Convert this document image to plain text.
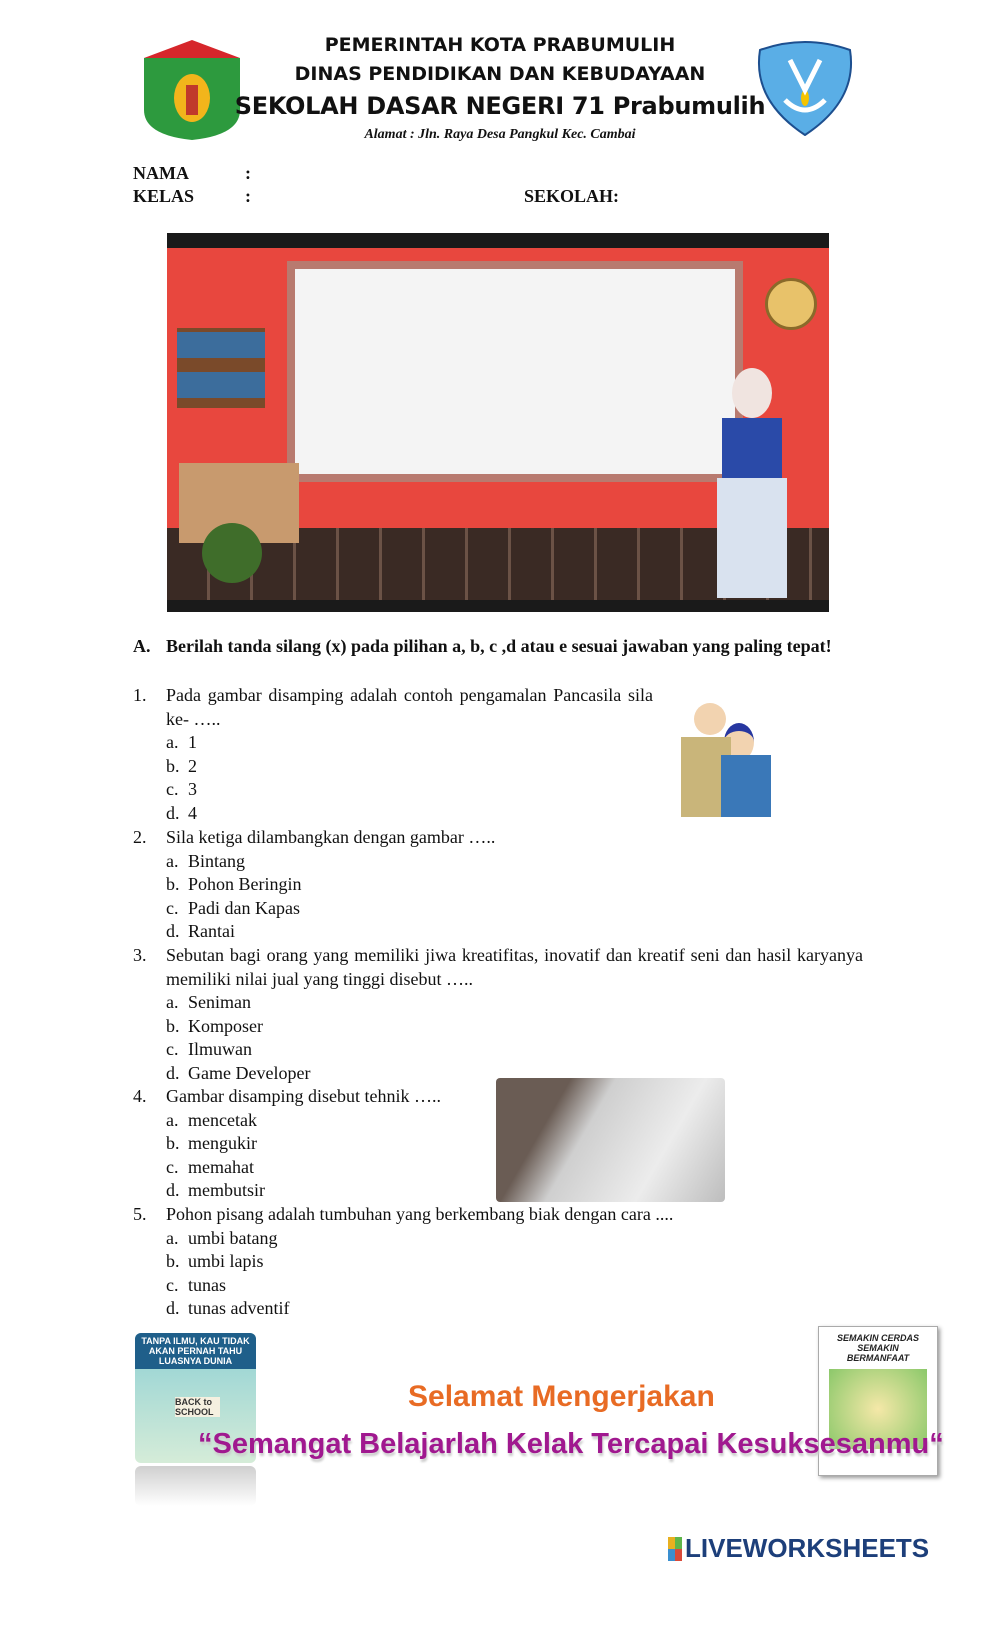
PEMERINTAH KOTA PRABUMULIH
DINAS PENDIDIKAN DAN KEBUDAYAAN
SEKOLAH DASAR NEGERI 71 Prabumulih
Alamat : Jln. Raya Desa Pangkul Kec. Cambai
NAMA	:
KELAS	:	SEKOLAH:
A. Berilah tanda silang (x) pada pilihan a, b, c ,d atau e sesuai jawaban yang paling tepat!
1. Pada gambar disamping adalah contoh pengamalan Pancasila sila ke- …..
a. 1
b. 2
c. 3
d. 4
2. Sila ketiga dilambangkan dengan gambar …..
a. Bintang
b. Pohon Beringin
c. Padi dan Kapas
d. Rantai
3. Sebutan bagi orang yang memiliki jiwa kreatifitas, inovatif dan kreatif seni dan hasil karyanya memiliki nilai jual yang tinggi disebut …..
a. Seniman
b. Komposer
c. Ilmuwan
d. Game Developer
4. Gambar disamping disebut tehnik …..
a. mencetak
b. mengukir
c. memahat
d. membutsir
5. Pohon pisang adalah tumbuhan yang berkembang biak dengan cara ....
a. umbi batang
b. umbi lapis
c. tunas
d. tunas adventif
TANPA ILMU, KAU TIDAK AKAN PERNAH TAHU LUASNYA DUNIA
BACK to SCHOOL
SEMAKIN CERDAS SEMAKIN BERMANFAAT
Selamat Mengerjakan
“Semangat Belajarlah Kelak Tercapai Kesuksesanmu“
LIVEWORKSHEETS
